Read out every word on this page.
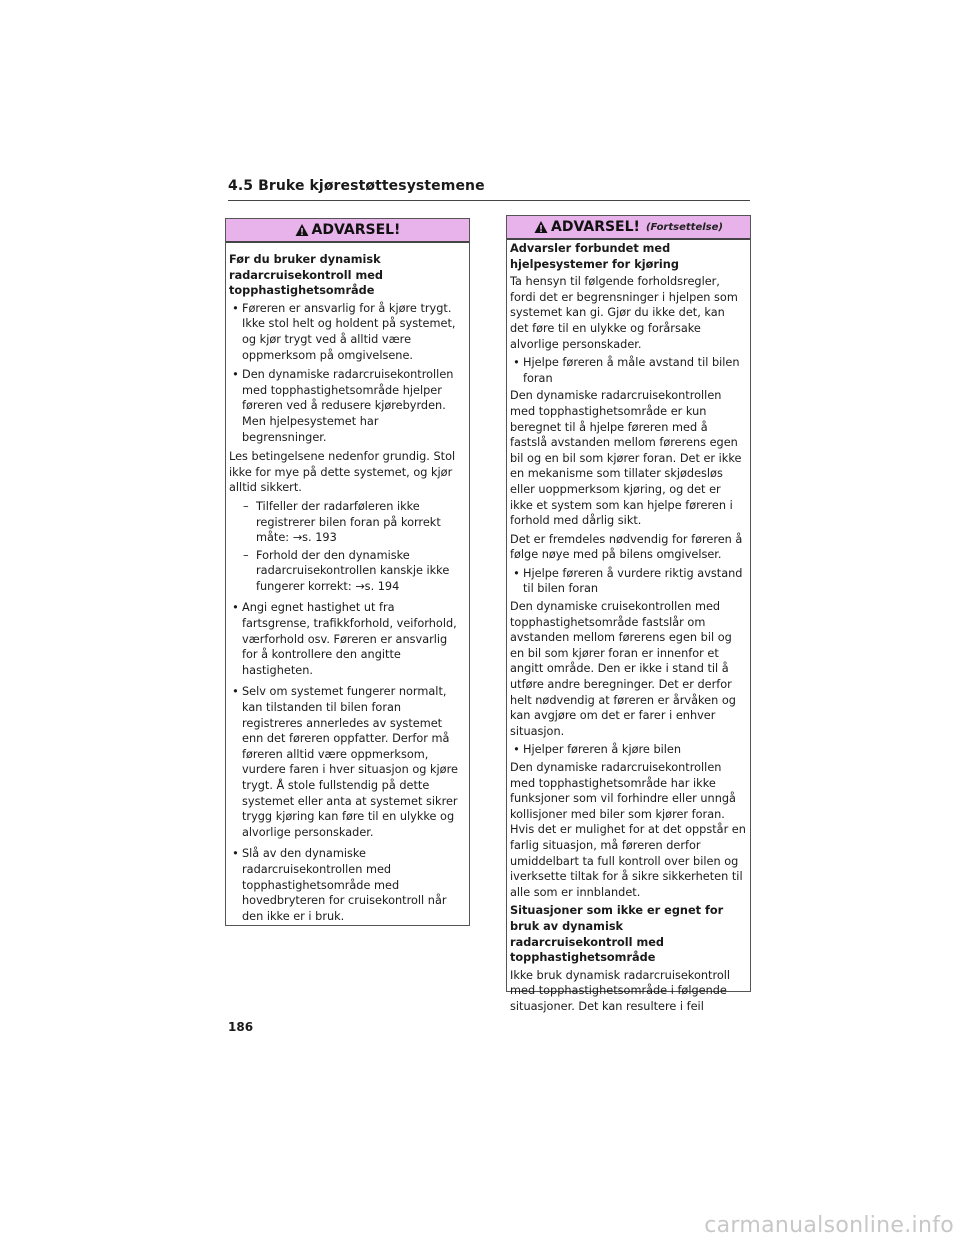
4.5 Bruke kjørestøttesystemene
ADVARSEL!

Før du bruker dynamisk radarcruisekontroll med topphastighetsområde

• Føreren er ansvarlig for å kjøre trygt. Ikke stol helt og holdent på systemet, og kjør trygt ved å alltid være oppmerksom på omgivelsene.
• Den dynamiske radarcruisekontrollen med topphastighetsområde hjelper føreren ved å redusere kjørebyrden. Men hjelpesystemet har begrensninger.

Les betingelsene nedenfor grundig. Stol ikke for mye på dette systemet, og kjør alltid sikkert.

– Tilfeller der radarføleren ikke registrerer bilen foran på korrekt måte: →s. 193
– Forhold der den dynamiske radarcruisekontrollen kanskje ikke fungerer korrekt: →s. 194
• Angi egnet hastighet ut fra fartsgrense, trafikkforhold, veiforhold, værforhold osv. Føreren er ansvarlig for å kontrollere den angitte hastigheten.
• Selv om systemet fungerer normalt, kan tilstanden til bilen foran registreres annerledes av systemet enn det føreren oppfatter. Derfor må føreren alltid være oppmerksom, vurdere faren i hver situasjon og kjøre trygt. Å stole fullstendig på dette systemet eller anta at systemet sikrer trygg kjøring kan føre til en ulykke og alvorlige personskader.
• Slå av den dynamiske radarcruisekontrollen med topphastighetsområde med hovedbryteren for cruisekontroll når den ikke er i bruk.
ADVARSEL! (Fortsettelse)

Advarsler forbundet med hjelpesystemer for kjøring

Ta hensyn til følgende forholdsregler, fordi det er begrensninger i hjelpen som systemet kan gi. Gjør du ikke det, kan det føre til en ulykke og forårsake alvorlige personskader.

• Hjelpe føreren å måle avstand til bilen foran

Den dynamiske radarcruisekontrollen med topphastighetsområde er kun beregnet til å hjelpe føreren med å fastslå avstanden mellom førerens egen bil og en bil som kjører foran. Det er ikke en mekanisme som tillater skjødesløs eller uoppmerksom kjøring, og det er ikke et system som kan hjelpe føreren i forhold med dårlig sikt.

Det er fremdeles nødvendig for føreren å følge nøye med på bilens omgivelser.

• Hjelpe føreren å vurdere riktig avstand til bilen foran

Den dynamiske cruisekontrollen med topphastighetsområde fastslår om avstanden mellom førerens egen bil og en bil som kjører foran er innenfor et angitt område. Den er ikke i stand til å utføre andre beregninger. Det er derfor helt nødvendig at føreren er årvåken og kan avgjøre om det er farer i enhver situasjon.

• Hjelper føreren å kjøre bilen

Den dynamiske radarcruisekontrollen med topphastighetsområde har ikke funksjoner som vil forhindre eller unngå kollisjoner med biler som kjører foran. Hvis det er mulighet for at det oppstår en farlig situasjon, må føreren derfor umiddelbart ta full kontroll over bilen og iverksette tiltak for å sikre sikkerheten til alle som er innblandet.

Situasjoner som ikke er egnet for bruk av dynamisk radarcruisekontroll med topphastighetsområde

Ikke bruk dynamisk radarcruisekontroll med topphastighetsområde i følgende situasjoner. Det kan resultere i feil

186
carmanualsonline.info
